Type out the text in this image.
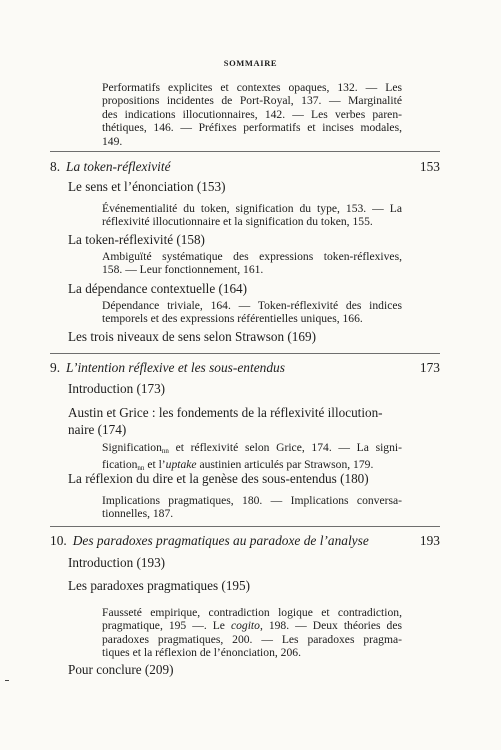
SOMMAIRE
Performatifs explicites et contextes opaques, 132. — Les
propositions incidentes de Port-Royal, 137. — Marginalité
des indications illocutionnaires, 142. — Les verbes paren-
thétiques, 146. — Préfixes performatifs et incises modales,
149.
8. La token-réflexivité	153
Le sens et l’énonciation (153)
Événementialité du token, signification du type, 153. — La
réflexivité illocutionnaire et la signification du token, 155.
La token-réflexivité (158)
Ambiguïté systématique des expressions token-réflexives,
158. — Leur fonctionnement, 161.
La dépendance contextuelle (164)
Dépendance triviale, 164. — Token-réflexivité des indices
temporels et des expressions référentielles uniques, 166.
Les trois niveaux de sens selon Strawson (169)
9. L’intention réflexive et les sous-entendus	173
Introduction (173)
Austin et Grice : les fondements de la réflexivité illocution-
naire (174)
Signification$_{nn}$ et réflexivité selon Grice, 174. — La signi-
fication$_{nn}$ et l’uptake austinien articulés par Strawson, 179.
La réflexion du dire et la genèse des sous-entendus (180)
Implications pragmatiques, 180. — Implications conversa-
tionnelles, 187.
10. Des paradoxes pragmatiques au paradoxe de l’analyse	193
Introduction (193)
Les paradoxes pragmatiques (195)
Fausseté empirique, contradiction logique et contradiction,
pragmatique, 195 —. Le cogito, 198. — Deux théories des
paradoxes pragmatiques, 200. — Les paradoxes pragma-
tiques et la réflexion de l’énonciation, 206.
Pour conclure (209)
